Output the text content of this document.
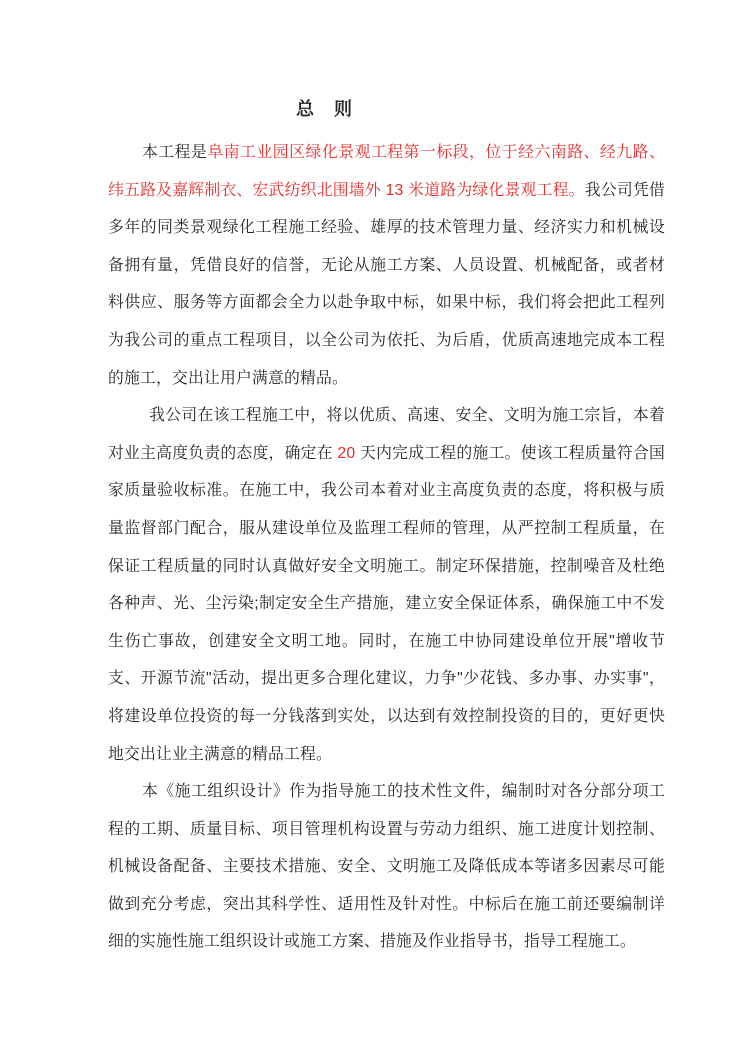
总　则

本工程是阜南工业园区绿化景观工程第一标段，位于经六南路、经九路、纬五路及嘉辉制衣、宏武纺织北围墙外 13 米道路为绿化景观工程。我公司凭借多年的同类景观绿化工程施工经验、雄厚的技术管理力量、经济实力和机械设备拥有量，凭借良好的信誉，无论从施工方案、人员设置、机械配备，或者材料供应、服务等方面都会全力以赴争取中标，如果中标，我们将会把此工程列为我公司的重点工程项目，以全公司为依托、为后盾，优质高速地完成本工程的施工，交出让用户满意的精品。

我公司在该工程施工中，将以优质、高速、安全、文明为施工宗旨，本着对业主高度负责的态度，确定在 20 天内完成工程的施工。使该工程质量符合国家质量验收标准。在施工中，我公司本着对业主高度负责的态度，将积极与质量监督部门配合，服从建设单位及监理工程师的管理，从严控制工程质量，在保证工程质量的同时认真做好安全文明施工。制定环保措施，控制噪音及杜绝各种声、光、尘污染;制定安全生产措施，建立安全保证体系，确保施工中不发生伤亡事故，创建安全文明工地。同时，在施工中协同建设单位开展"增收节支、开源节流"活动，提出更多合理化建议，力争"少花钱、多办事、办实事"，将建设单位投资的每一分钱落到实处，以达到有效控制投资的目的，更好更快地交出让业主满意的精品工程。

本《施工组织设计》作为指导施工的技术性文件，编制时对各分部分项工程的工期、质量目标、项目管理机构设置与劳动力组织、施工进度计划控制、机械设备配备、主要技术措施、安全、文明施工及降低成本等诸多因素尽可能做到充分考虑，突出其科学性、适用性及针对性。中标后在施工前还要编制详细的实施性施工组织设计或施工方案、措施及作业指导书，指导工程施工。
